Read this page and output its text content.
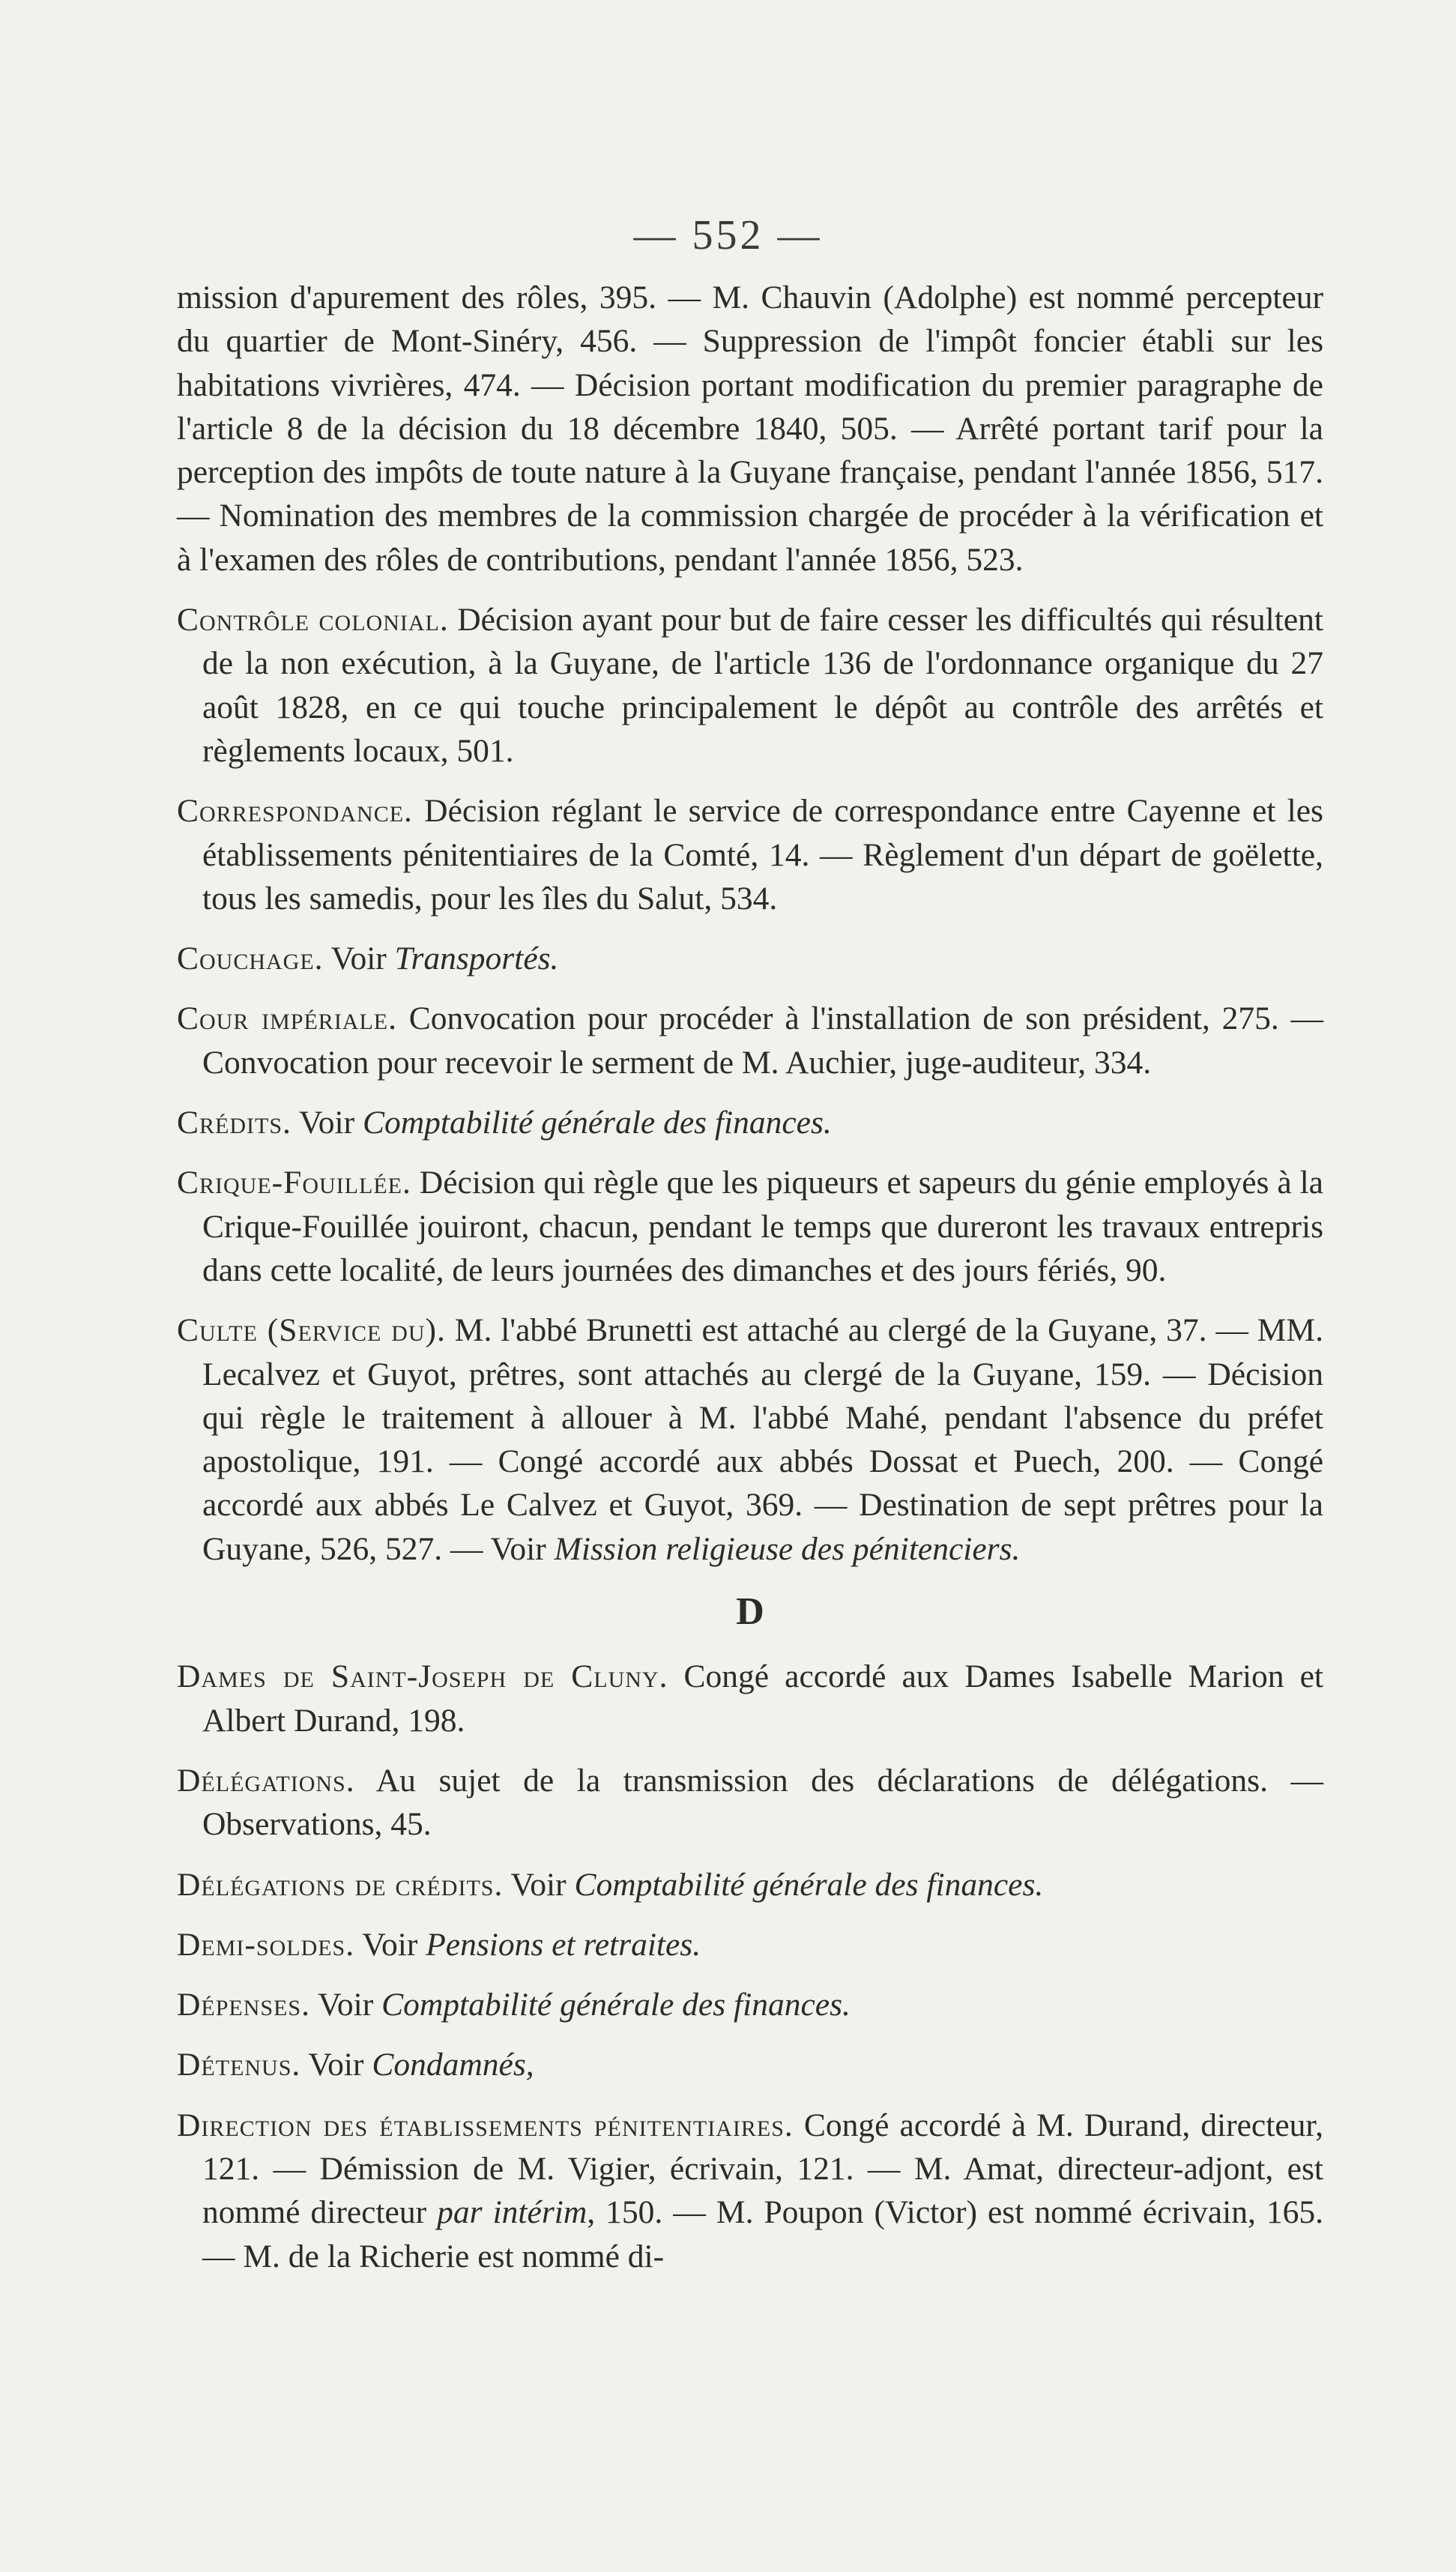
— 552 —

mission d'apurement des rôles, 395. — M. Chauvin (Adolphe) est nommé percepteur du quartier de Mont-Sinéry, 456. — Suppression de l'impôt foncier établi sur les habitations vivrières, 474. — Décision portant modification du premier paragraphe de l'article 8 de la décision du 18 décembre 1840, 505. — Arrêté portant tarif pour la perception des impôts de toute nature à la Guyane française, pendant l'année 1856, 517. — Nomination des membres de la commission chargée de procéder à la vérification et à l'examen des rôles de contributions, pendant l'année 1856, 523.

Contrôle colonial. Décision ayant pour but de faire cesser les difficultés qui résultent de la non exécution, à la Guyane, de l'article 136 de l'ordonnance organique du 27 août 1828, en ce qui touche principalement le dépôt au contrôle des arrêtés et règlements locaux, 501.

Correspondance. Décision réglant le service de correspondance entre Cayenne et les établissements pénitentiaires de la Comté, 14. — Règlement d'un départ de goëlette, tous les samedis, pour les îles du Salut, 534.

Couchage. Voir Transportés.

Cour impériale. Convocation pour procéder à l'installation de son président, 275. — Convocation pour recevoir le serment de M. Auchier, juge-auditeur, 334.

Crédits. Voir Comptabilité générale des finances.

Crique-Fouillée. Décision qui règle que les piqueurs et sapeurs du génie employés à la Crique-Fouillée jouiront, chacun, pendant le temps que dureront les travaux entrepris dans cette localité, de leurs journées des dimanches et des jours fériés, 90.

Culte (Service du). M. l'abbé Brunetti est attaché au clergé de la Guyane, 37. — MM. Lecalvez et Guyot, prêtres, sont attachés au clergé de la Guyane, 159. — Décision qui règle le traitement à allouer à M. l'abbé Mahé, pendant l'absence du préfet apostolique, 191. — Congé accordé aux abbés Dossat et Puech, 200. — Congé accordé aux abbés Le Calvez et Guyot, 369. — Destination de sept prêtres pour la Guyane, 526, 527. — Voir Mission religieuse des pénitenciers.

D

Dames de Saint-Joseph de Cluny. Congé accordé aux Dames Isabelle Marion et Albert Durand, 198.

Délégations. Au sujet de la transmission des déclarations de délégations. — Observations, 45.

Délégations de crédits. Voir Comptabilité générale des finances.

Demi-soldes. Voir Pensions et retraites.

Dépenses. Voir Comptabilité générale des finances.

Détenus. Voir Condamnés,

Direction des établissements pénitentiaires. Congé accordé à M. Durand, directeur, 121. — Démission de M. Vigier, écrivain, 121. — M. Amat, directeur-adjont, est nommé directeur par intérim, 150. — M. Poupon (Victor) est nommé écrivain, 165. — M. de la Richerie est nommé di-
